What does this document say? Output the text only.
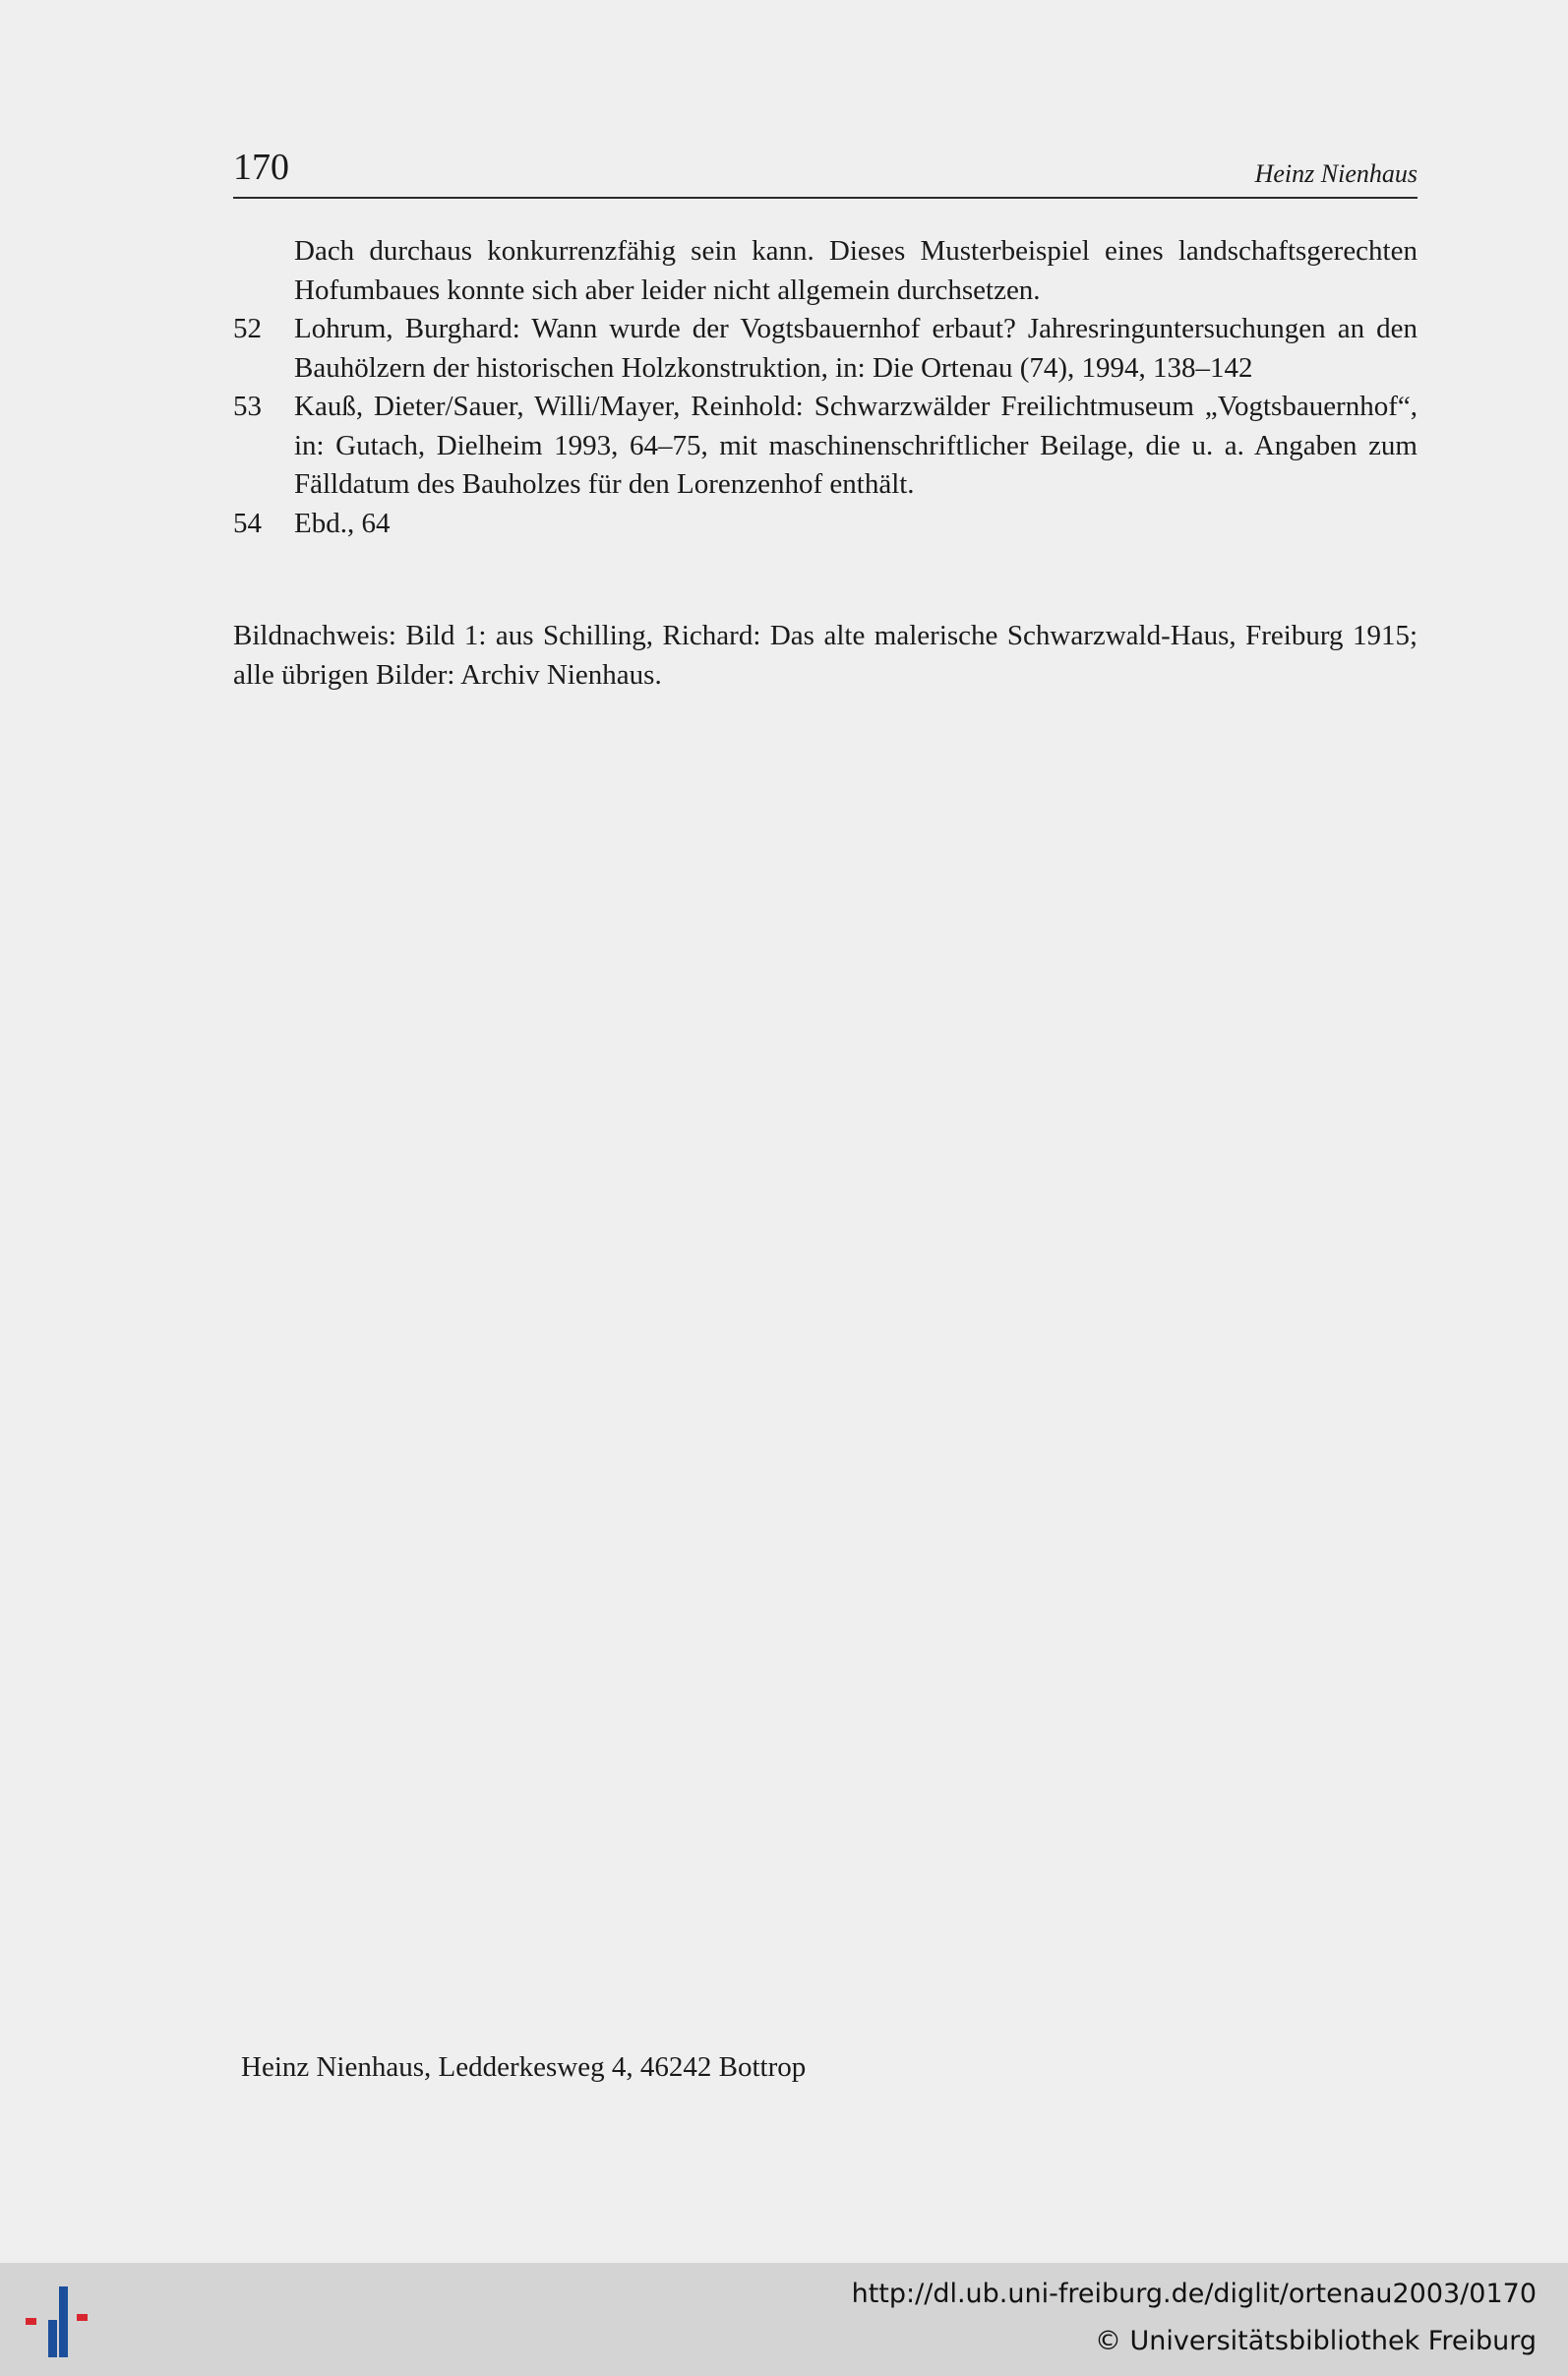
170	Heinz Nienhaus
Dach durchaus konkurrenzfähig sein kann. Dieses Musterbeispiel eines landschaftsgerechten Hofumbaues konnte sich aber leider nicht allgemein durchsetzen.
52 Lohrum, Burghard: Wann wurde der Vogtsbauernhof erbaut? Jahresringuntersuchungen an den Bauhölzern der historischen Holzkonstruktion, in: Die Ortenau (74), 1994, 138–142
53 Kauß, Dieter/Sauer, Willi/Mayer, Reinhold: Schwarzwälder Freilichtmuseum „Vogtsbauernhof“, in: Gutach, Dielheim 1993, 64–75, mit maschinenschriftlicher Beilage, die u. a. Angaben zum Fälldatum des Bauholzes für den Lorenzenhof enthält.
54 Ebd., 64
Bildnachweis: Bild 1: aus Schilling, Richard: Das alte malerische Schwarzwald-Haus, Freiburg 1915; alle übrigen Bilder: Archiv Nienhaus.
Heinz Nienhaus, Ledderkesweg 4, 46242 Bottrop
http://dl.ub.uni-freiburg.de/diglit/ortenau2003/0170
© Universitätsbibliothek Freiburg
